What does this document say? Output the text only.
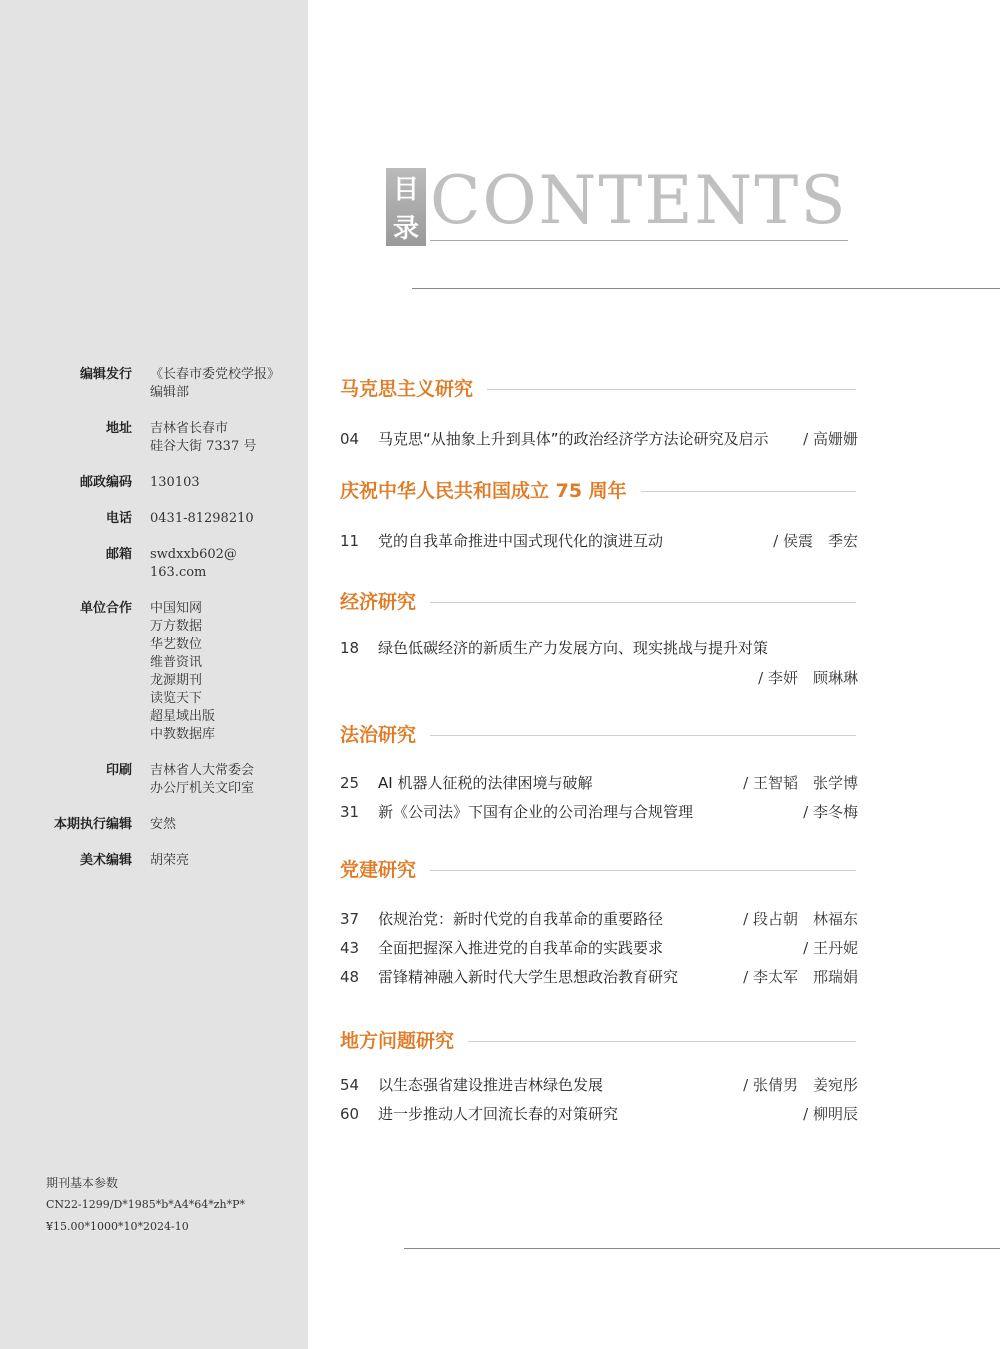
编辑发行 《长春市委党校学报》
编辑部
地址 吉林省长春市
硅谷大街 7337 号
邮政编码 130103
电话 0431-81298210
邮箱 swdxxb602@
163.com
单位合作 中国知网
万方数据
华艺数位
维普资讯
龙源期刊
读览天下
超星域出版
中教数据库
印刷 吉林省人大常委会
办公厅机关文印室
本期执行编辑 安然
美术编辑 胡荣亮
期刊基本参数
CN22-1299/D*1985*b*A4*64*zh*P*
¥15.00*1000*10*2024-10
目
录 CONTENTS
马克思主义研究
04 马克思“从抽象上升到具体”的政治经济学方法论研究及启示 / 高姗姗
庆祝中华人民共和国成立 75 周年
11 党的自我革命推进中国式现代化的演进互动	/ 侯震　季宏
经济研究
18 绿色低碳经济的新质生产力发展方向、现实挑战与提升对策
/ 李妍　顾琳琳
法治研究
25 AI 机器人征税的法律困境与破解	/ 王智韬　张学博
31 新《公司法》下国有企业的公司治理与合规管理	/ 李冬梅
党建研究
37 依规治党：新时代党的自我革命的重要路径	/ 段占朝　林福东
43 全面把握深入推进党的自我革命的实践要求	/ 王丹妮
48 雷锋精神融入新时代大学生思想政治教育研究	/ 李太军　邢瑞娟
地方问题研究
54 以生态强省建设推进吉林绿色发展	/ 张倩男　姜宛彤
60 进一步推动人才回流长春的对策研究	/ 柳明辰
